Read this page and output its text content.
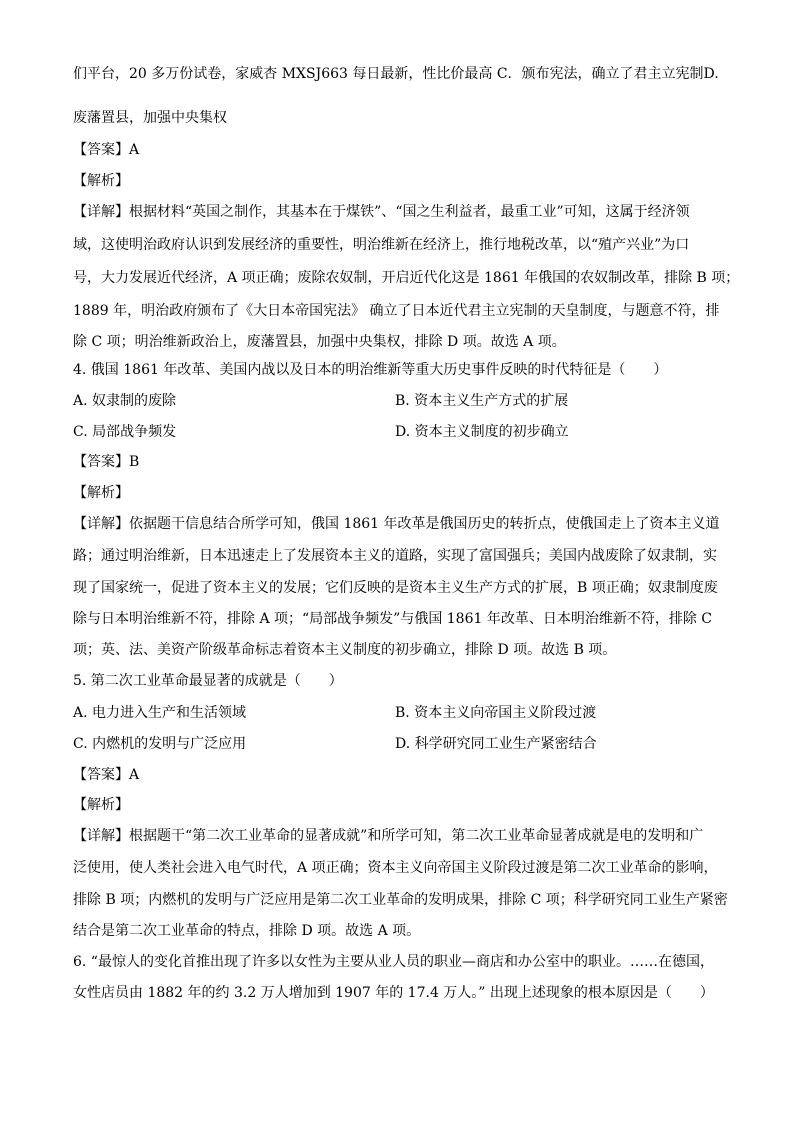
们平台，20 多万份试卷，家威杏 MXSJ663 每日最新，性比价最高 C．颁布宪法，确立了君主立宪制D.
废藩置县，加强中央集权
【答案】A
【解析】
【详解】根据材料“英国之制作，其基本在于煤铁”、“国之生利益者，最重工业”可知，这属于经济领
域，这使明治政府认识到发展经济的重要性，明治维新在经济上，推行地税改革，以“殖产兴业”为口
号，大力发展近代经济，A 项正确；废除农奴制，开启近代化这是 1861 年俄国的农奴制改革，排除 B 项；
1889 年，明治政府颁布了《大日本帝国宪法》 确立了日本近代君主立宪制的天皇制度，与题意不符，排
除 C 项；明治维新政治上，废藩置县，加强中央集权，排除 D 项。故选 A 项。
4. 俄国 1861 年改革、美国内战以及日本的明治维新等重大历史事件反映的时代特征是（　　）
A. 奴隶制的废除	B. 资本主义生产方式的扩展
C. 局部战争频发	D. 资本主义制度的初步确立
【答案】B
【解析】
【详解】依据题干信息结合所学可知，俄国 1861 年改革是俄国历史的转折点，使俄国走上了资本主义道
路；通过明治维新，日本迅速走上了发展资本主义的道路，实现了富国强兵；美国内战废除了奴隶制，实
现了国家统一，促进了资本主义的发展；它们反映的是资本主义生产方式的扩展，B 项正确；奴隶制度废
除与日本明治维新不符，排除 A 项；“局部战争频发”与俄国 1861 年改革、日本明治维新不符，排除 C
项；英、法、美资产阶级革命标志着资本主义制度的初步确立，排除 D 项。故选 B 项。
5. 第二次工业革命最显著的成就是（　　）
A. 电力进入生产和生活领域	B. 资本主义向帝国主义阶段过渡
C. 内燃机的发明与广泛应用	D. 科学研究同工业生产紧密结合
【答案】A
【解析】
【详解】根据题干“第二次工业革命的显著成就”和所学可知，第二次工业革命显著成就是电的发明和广
泛使用，使人类社会进入电气时代，A 项正确；资本主义向帝国主义阶段过渡是第二次工业革命的影响，
排除 B 项；内燃机的发明与广泛应用是第二次工业革命的发明成果，排除 C 项；科学研究同工业生产紧密
结合是第二次工业革命的特点，排除 D 项。故选 A 项。
6. “最惊人的变化首推出现了许多以女性为主要从业人员的职业—商店和办公室中的职业。……在德国，
女性店员由 1882 年的约 3.2 万人增加到 1907 年的 17.4 万人。” 出现上述现象的根本原因是（　　）
